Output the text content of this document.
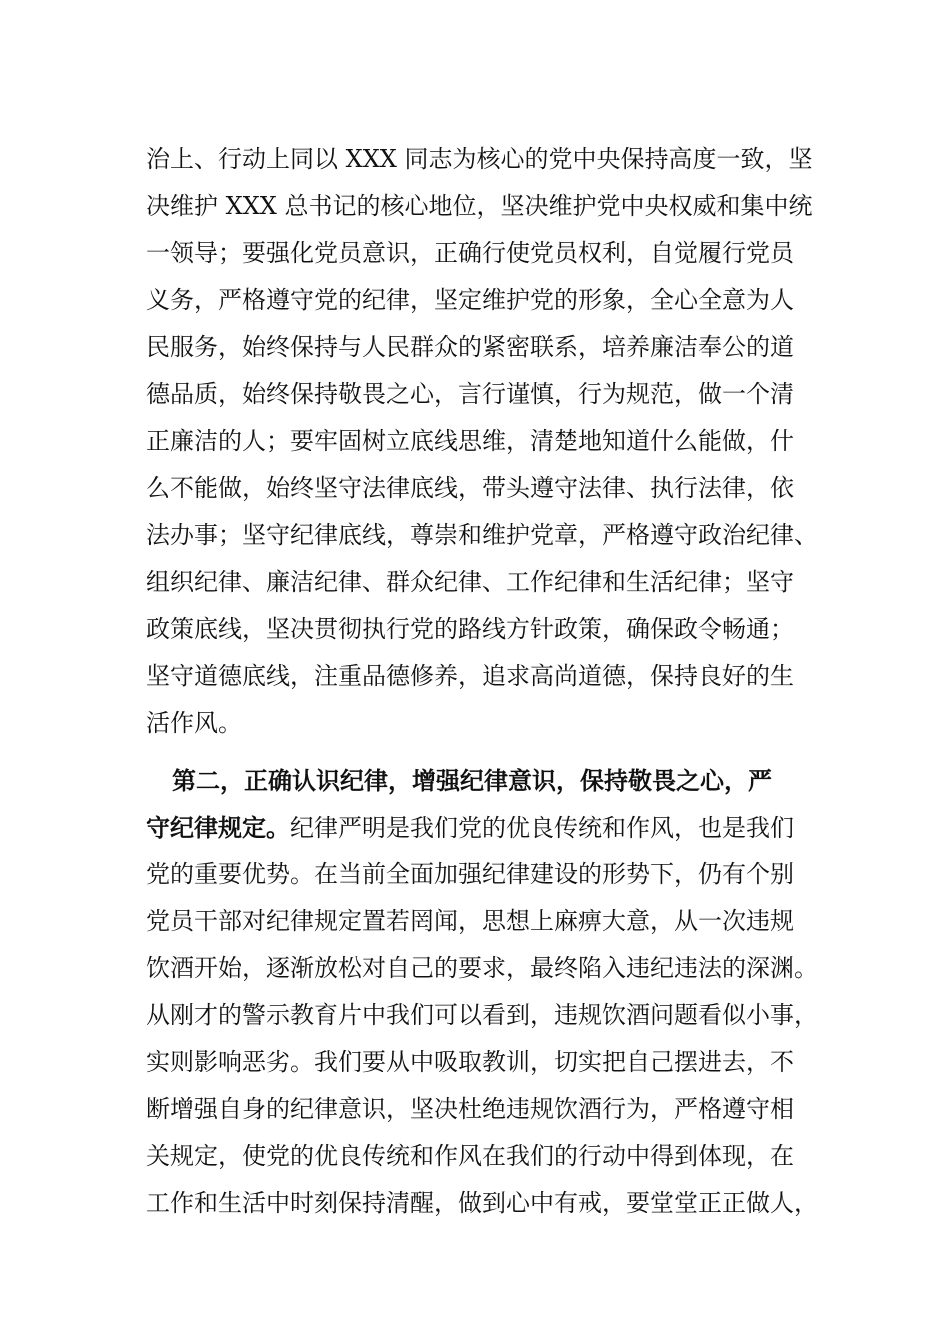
治上、行动上同以 XXX 同志为核心的党中央保持高度一致，坚
决维护 XXX 总书记的核心地位，坚决维护党中央权威和集中统
一领导；要强化党员意识，正确行使党员权利，自觉履行党员
义务，严格遵守党的纪律，坚定维护党的形象，全心全意为人
民服务，始终保持与人民群众的紧密联系，培养廉洁奉公的道
德品质，始终保持敬畏之心，言行谨慎，行为规范，做一个清
正廉洁的人；要牢固树立底线思维，清楚地知道什么能做，什
么不能做，始终坚守法律底线，带头遵守法律、执行法律，依
法办事；坚守纪律底线，尊崇和维护党章，严格遵守政治纪律、
组织纪律、廉洁纪律、群众纪律、工作纪律和生活纪律；坚守
政策底线，坚决贯彻执行党的路线方针政策，确保政令畅通；
坚守道德底线，注重品德修养，追求高尚道德，保持良好的生
活作风。
第二，正确认识纪律，增强纪律意识，保持敬畏之心，严
守纪律规定。纪律严明是我们党的优良传统和作风，也是我们
党的重要优势。在当前全面加强纪律建设的形势下，仍有个别
党员干部对纪律规定置若罔闻，思想上麻痹大意，从一次违规
饮酒开始，逐渐放松对自己的要求，最终陷入违纪违法的深渊。
从刚才的警示教育片中我们可以看到，违规饮酒问题看似小事，
实则影响恶劣。我们要从中吸取教训，切实把自己摆进去，不
断增强自身的纪律意识，坚决杜绝违规饮酒行为，严格遵守相
关规定，使党的优良传统和作风在我们的行动中得到体现，在
工作和生活中时刻保持清醒，做到心中有戒，要堂堂正正做人，
